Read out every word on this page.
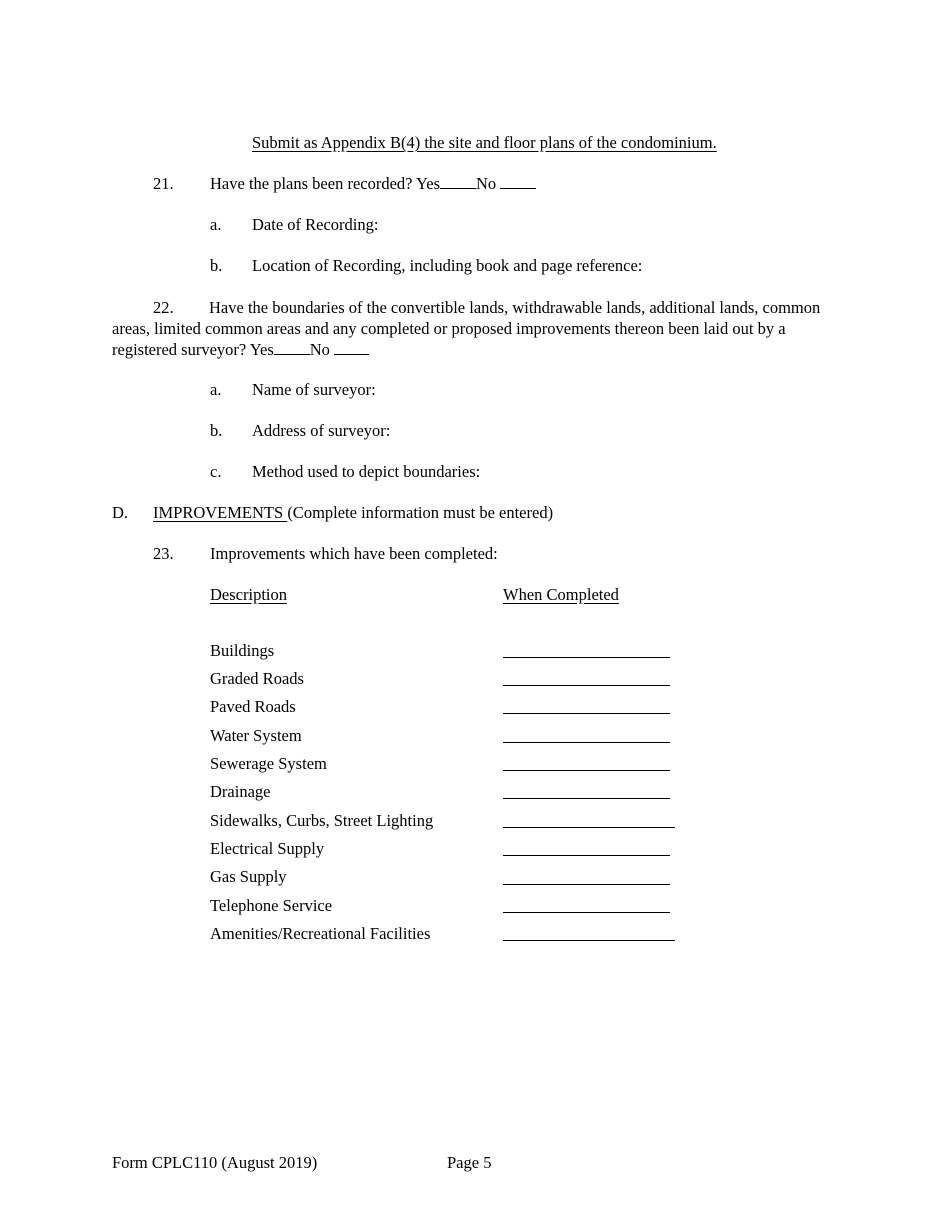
Submit as Appendix B(4) the site and floor plans of the condominium.
21. Have the plans been recorded? Yes No
a. Date of Recording:
b. Location of Recording, including book and page reference:
22. Have the boundaries of the convertible lands, withdrawable lands, additional lands, common areas, limited common areas and any completed or proposed improvements thereon been laid out by a registered surveyor? Yes No
a. Name of surveyor:
b. Address of surveyor:
c. Method used to depict boundaries:
D. IMPROVEMENTS (Complete information must be entered)
23. Improvements which have been completed:
Description	When Completed
Buildings
Graded Roads
Paved Roads
Water System
Sewerage System
Drainage
Sidewalks, Curbs, Street Lighting
Electrical Supply
Gas Supply
Telephone Service
Amenities/Recreational Facilities
Form CPLC110 (August 2019)	Page 5
